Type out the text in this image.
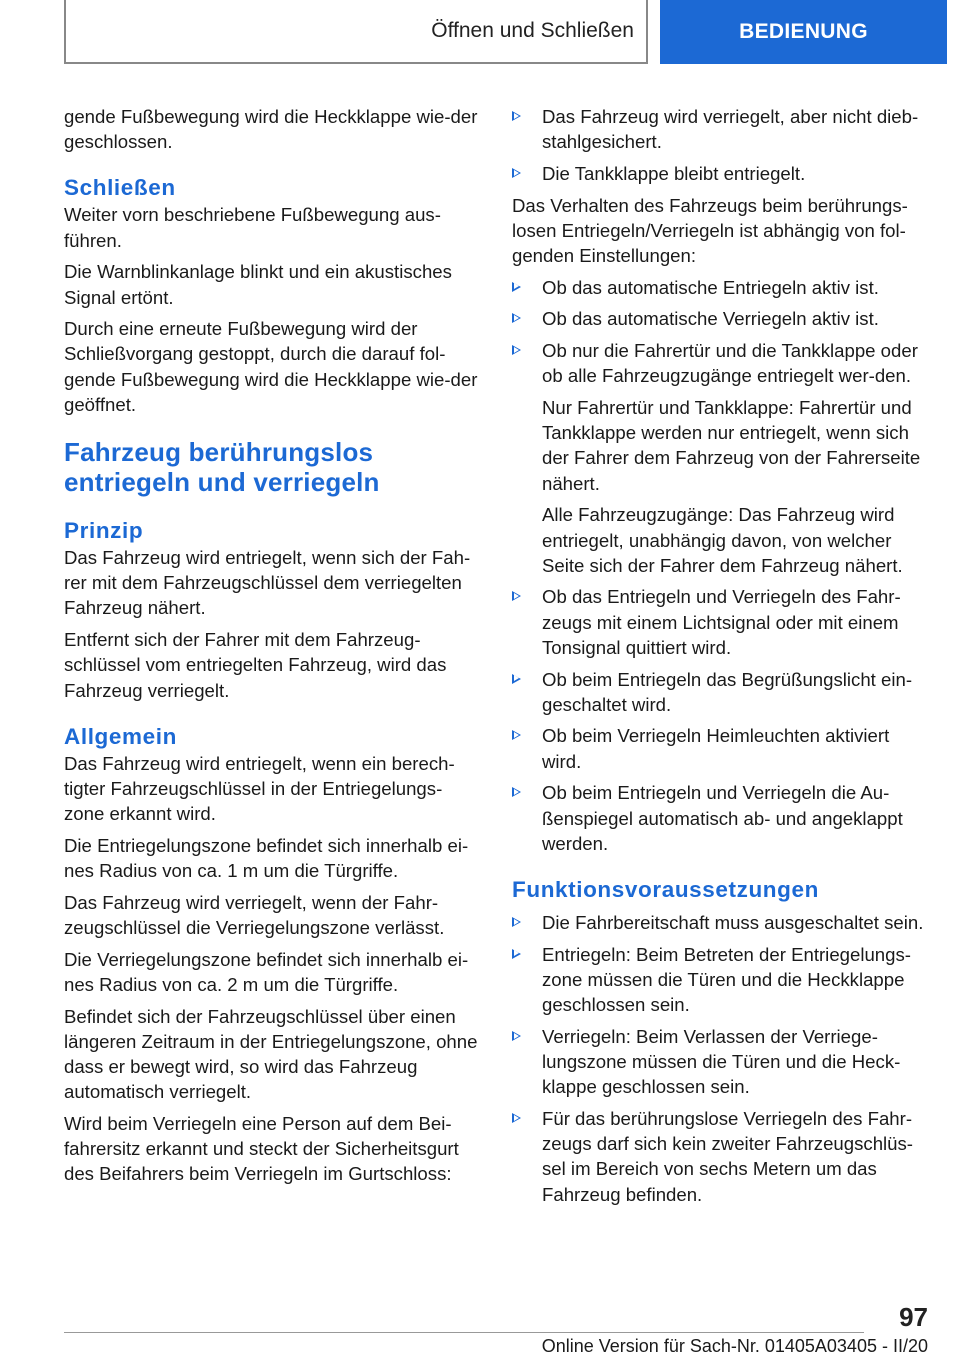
Öffnen und Schließen	BEDIENUNG

gende Fußbewegung wird die Heckklappe wie-der geschlossen.

Schließen

Weiter vorn beschriebene Fußbewegung aus-führen.

Die Warnblinkanlage blinkt und ein akustisches Signal ertönt.

Durch eine erneute Fußbewegung wird der Schließvorgang gestoppt, durch die darauf fol-gende Fußbewegung wird die Heckklappe wie-der geöffnet.

Fahrzeug berührungslos entriegeln und verriegeln
Prinzip

Das Fahrzeug wird entriegelt, wenn sich der Fah-rer mit dem Fahrzeugschlüssel dem verriegelten Fahrzeug nähert.

Entfernt sich der Fahrer mit dem Fahrzeug-schlüssel vom entriegelten Fahrzeug, wird das Fahrzeug verriegelt.

Allgemein

Das Fahrzeug wird entriegelt, wenn ein berech-tigter Fahrzeugschlüssel in der Entriegelungs-zone erkannt wird.

Die Entriegelungszone befindet sich innerhalb ei-nes Radius von ca. 1 m um die Türgriffe.

Das Fahrzeug wird verriegelt, wenn der Fahr-zeugschlüssel die Verriegelungszone verlässt.

Die Verriegelungszone befindet sich innerhalb ei-nes Radius von ca. 2 m um die Türgriffe.

Befindet sich der Fahrzeugschlüssel über einen längeren Zeitraum in der Entriegelungszone, ohne dass er bewegt wird, so wird das Fahrzeug automatisch verriegelt.

Wird beim Verriegeln eine Person auf dem Bei-fahrersitz erkannt und steckt der Sicherheitsgurt des Beifahrers beim Verriegeln im Gurtschloss:

Das Fahrzeug wird verriegelt, aber nicht dieb-stahlgesichert.
Die Tankklappe bleibt entriegelt.

Das Verhalten des Fahrzeugs beim berührungs-losen Entriegeln/Verriegeln ist abhängig von fol-genden Einstellungen:

Ob das automatische Entriegeln aktiv ist.
Ob das automatische Verriegeln aktiv ist.
Ob nur die Fahrertür und die Tankklappe oder ob alle Fahrzeugzugänge entriegelt wer-den.
Nur Fahrertür und Tankklappe: Fahrertür und Tankklappe werden nur entriegelt, wenn sich der Fahrer dem Fahrzeug von der Fahrerseite nähert.
Alle Fahrzeugzugänge: Das Fahrzeug wird entriegelt, unabhängig davon, von welcher Seite sich der Fahrer dem Fahrzeug nähert.
Ob das Entriegeln und Verriegeln des Fahr-zeugs mit einem Lichtsignal oder mit einem Tonsignal quittiert wird.
Ob beim Entriegeln das Begrüßungslicht ein-geschaltet wird.
Ob beim Verriegeln Heimleuchten aktiviert wird.
Ob beim Entriegeln und Verriegeln die Au-ßenspiegel automatisch ab- und angeklappt werden.
Funktionsvoraussetzungen
Die Fahrbereitschaft muss ausgeschaltet sein.
Entriegeln: Beim Betreten der Entriegelungs-zone müssen die Türen und die Heckklappe geschlossen sein.
Verriegeln: Beim Verlassen der Verriege-lungszone müssen die Türen und die Heck-klappe geschlossen sein.
Für das berührungslose Verriegeln des Fahr-zeugs darf sich kein zweiter Fahrzeugschlüs-sel im Bereich von sechs Metern um das Fahrzeug befinden.
97
Online Version für Sach-Nr. 01405A03405 - II/20
